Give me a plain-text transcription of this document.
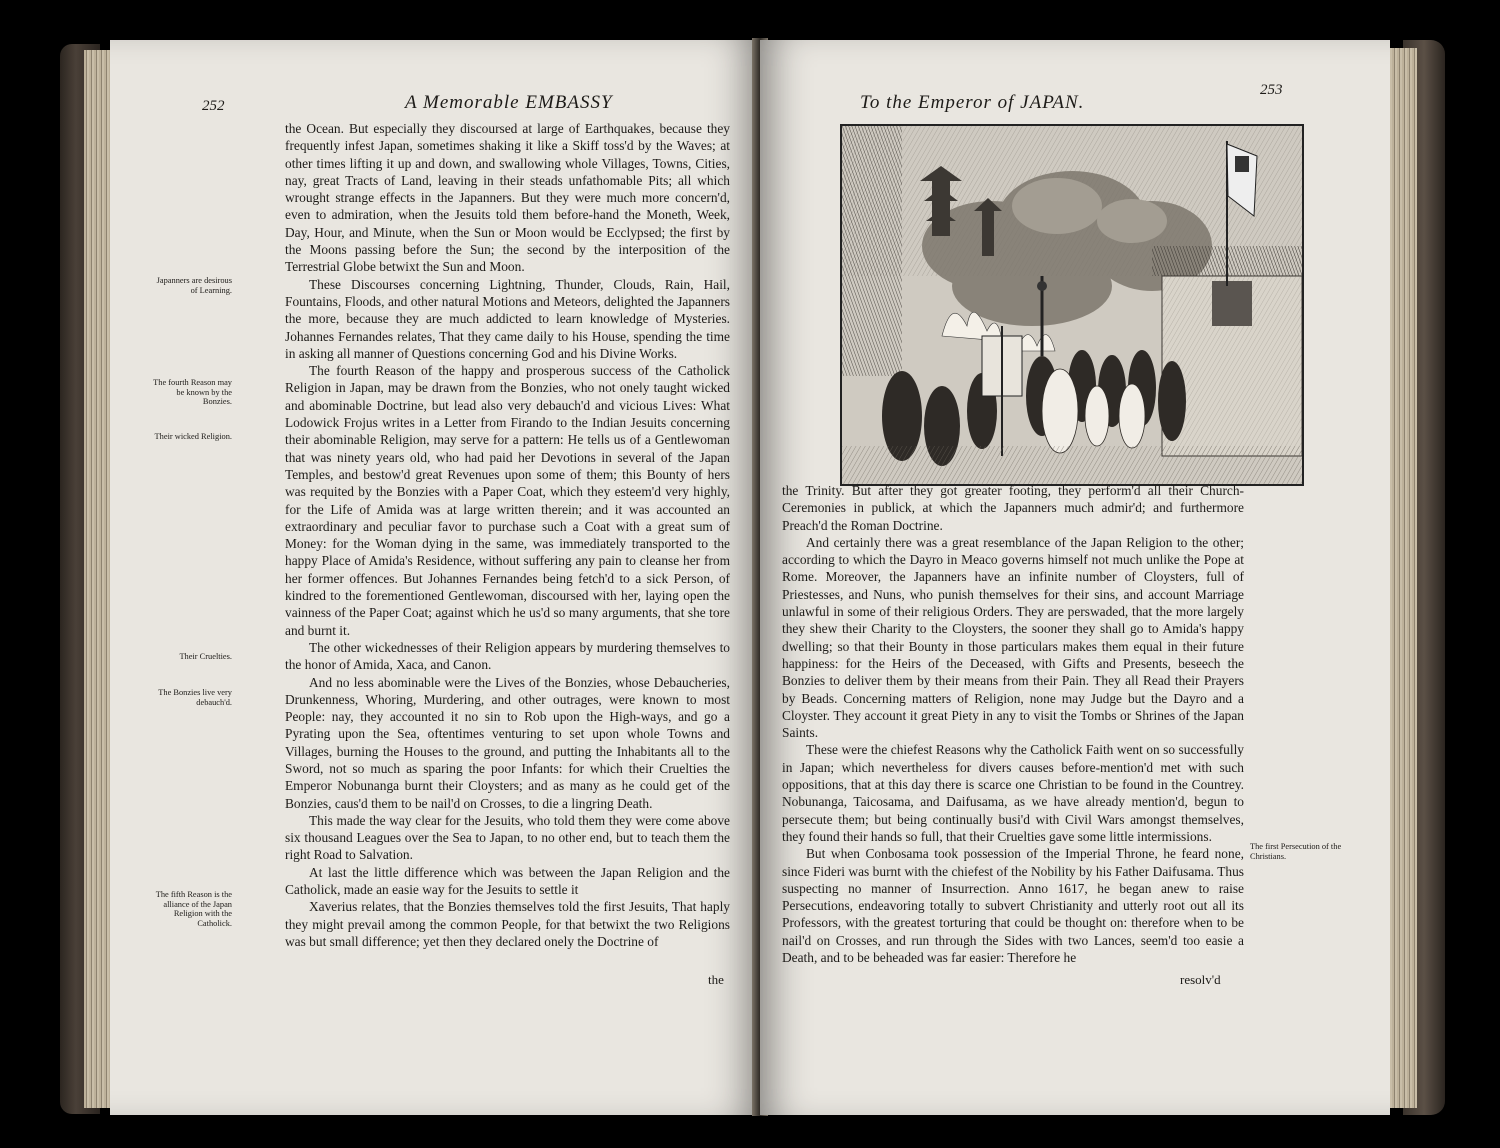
252	A Memorable EMBASSY
Japanners are desirous of Learning.
The fourth Reason may be known by the Bonzies.
Their wicked Religion.
Their Cruelties.
The Bonzies live very debauch'd.
The fifth Reason is the alliance of the Japan Religion with the Catholick.

the Ocean. But especially they discoursed at large of Earthquakes, because they frequently infest Japan, sometimes shaking it like a Skiff toss'd by the Waves; at other times lifting it up and down, and swallowing whole Villages, Towns, Cities, nay, great Tracts of Land, leaving in their steads unfathomable Pits; all which wrought strange effects in the Japanners. But they were much more concern'd, even to admiration, when the Jesuits told them before-hand the Moneth, Week, Day, Hour, and Minute, when the Sun or Moon would be Ecclypsed; the first by the Moons passing before the Sun; the second by the interposition of the Terrestrial Globe betwixt the Sun and Moon.

These Discourses concerning Lightning, Thunder, Clouds, Rain, Hail, Fountains, Floods, and other natural Motions and Meteors, delighted the Japanners the more, because they are much addicted to learn knowledge of Mysteries. Johannes Fernandes relates, That they came daily to his House, spending the time in asking all manner of Questions concerning God and his Divine Works.

The fourth Reason of the happy and prosperous success of the Catholick Religion in Japan, may be drawn from the Bonzies, who not onely taught wicked and abominable Doctrine, but lead also very debauch'd and vicious Lives: What Lodowick Frojus writes in a Letter from Firando to the Indian Jesuits concerning their abominable Religion, may serve for a pattern: He tells us of a Gentlewoman that was ninety years old, who had paid her Devotions in several of the Japan Temples, and bestow'd great Revenues upon some of them; this Bounty of hers was requited by the Bonzies with a Paper Coat, which they esteem'd very highly, for the Life of Amida was at large written therein; and it was accounted an extraordinary and peculiar favor to purchase such a Coat with a great sum of Money: for the Woman dying in the same, was immediately transported to the happy Place of Amida's Residence, without suffering any pain to cleanse her from her former offences. But Johannes Fernandes being fetch'd to a sick Person, of kindred to the forementioned Gentlewoman, discoursed with her, laying open the vainness of the Paper Coat; against which he us'd so many arguments, that she tore and burnt it.

The other wickednesses of their Religion appears by murdering themselves to the honor of Amida, Xaca, and Canon.

And no less abominable were the Lives of the Bonzies, whose Debaucheries, Drunkenness, Whoring, Murdering, and other outrages, were known to most People: nay, they accounted it no sin to Rob upon the High-ways, and go a Pyrating upon the Sea, oftentimes venturing to set upon whole Towns and Villages, burning the Houses to the ground, and putting the Inhabitants all to the Sword, not so much as sparing the poor Infants: for which their Cruelties the Emperor Nobunanga burnt their Cloysters; and as many as he could get of the Bonzies, caus'd them to be nail'd on Crosses, to die a lingring Death.

This made the way clear for the Jesuits, who told them they were come above six thousand Leagues over the Sea to Japan, to no other end, but to teach them the right Road to Salvation.

At last the little difference which was between the Japan Religion and the Catholick, made an easie way for the Jesuits to settle it

Xaverius relates, that the Bonzies themselves told the first Jesuits, That haply they might prevail among the common People, for that betwixt the two Religions was but small difference; yet then they declared onely the Doctrine of

the
To the Emperor of JAPAN.
253
The first Persecution of the Christians.

the Trinity. But after they got greater footing, they perform'd all their Church-Ceremonies in publick, at which the Japanners much admir'd; and furthermore Preach'd the Roman Doctrine.

And certainly there was a great resemblance of the Japan Religion to the other; according to which the Dayro in Meaco governs himself not much unlike the Pope at Rome. Moreover, the Japanners have an infinite number of Cloysters, full of Priestesses, and Nuns, who punish themselves for their sins, and account Marriage unlawful in some of their religious Orders. They are perswaded, that the more largely they shew their Charity to the Cloysters, the sooner they shall go to Amida's happy dwelling; so that their Bounty in those particulars makes them equal in their future happiness: for the Heirs of the Deceased, with Gifts and Presents, beseech the Bonzies to deliver them by their means from their Pain. They all Read their Prayers by Beads. Concerning matters of Religion, none may Judge but the Dayro and a Cloyster. They account it great Piety in any to visit the Tombs or Shrines of the Japan Saints.

These were the chiefest Reasons why the Catholick Faith went on so successfully in Japan; which nevertheless for divers causes before-mention'd met with such oppositions, that at this day there is scarce one Christian to be found in the Countrey. Nobunanga, Taicosama, and Daifusama, as we have already mention'd, begun to persecute them; but being continually busi'd with Civil Wars amongst themselves, they found their hands so full, that their Cruelties gave some little intermissions.

But when Conbosama took possession of the Imperial Throne, he feard none, since Fideri was burnt with the chiefest of the Nobility by his Father Daifusama. Thus suspecting no manner of Insurrection. Anno 1617, he began anew to raise Persecutions, endeavoring totally to subvert Christianity and utterly root out all its Professors, with the greatest torturing that could be thought on: therefore when to be nail'd on Crosses, and run through the Sides with two Lances, seem'd too easie a Death, and to be beheaded was far easier: Therefore he

resolv'd
